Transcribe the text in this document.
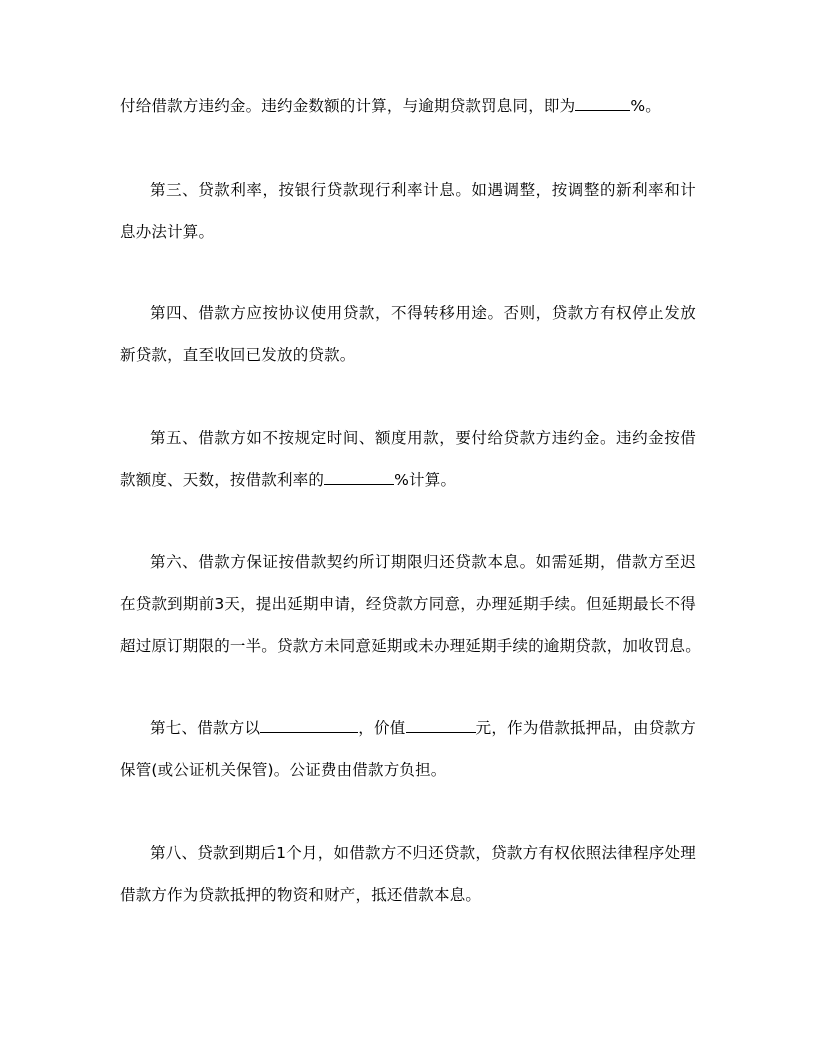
付给借款方违约金。违约金数额的计算，与逾期贷款罚息同，即为	%。
第三、贷款利率，按银行贷款现行利率计息。如遇调整，按调整的新利率和计
息办法计算。
第四、借款方应按协议使用贷款，不得转移用途。否则，贷款方有权停止发放
新贷款，直至收回已发放的贷款。
第五、借款方如不按规定时间、额度用款，要付给贷款方违约金。违约金按借
款额度、天数，按借款利率的	%计算。
第六、借款方保证按借款契约所订期限归还贷款本息。如需延期，借款方至迟
在贷款到期前3天，提出延期申请，经贷款方同意，办理延期手续。但延期最长不得
超过原订期限的一半。贷款方未同意延期或未办理延期手续的逾期贷款，加收罚息。
第七、借款方以	，价值	元，作为借款抵押品，由贷款方
保管(或公证机关保管)。公证费由借款方负担。
第八、贷款到期后1个月，如借款方不归还贷款，贷款方有权依照法律程序处理
借款方作为贷款抵押的物资和财产，抵还借款本息。
